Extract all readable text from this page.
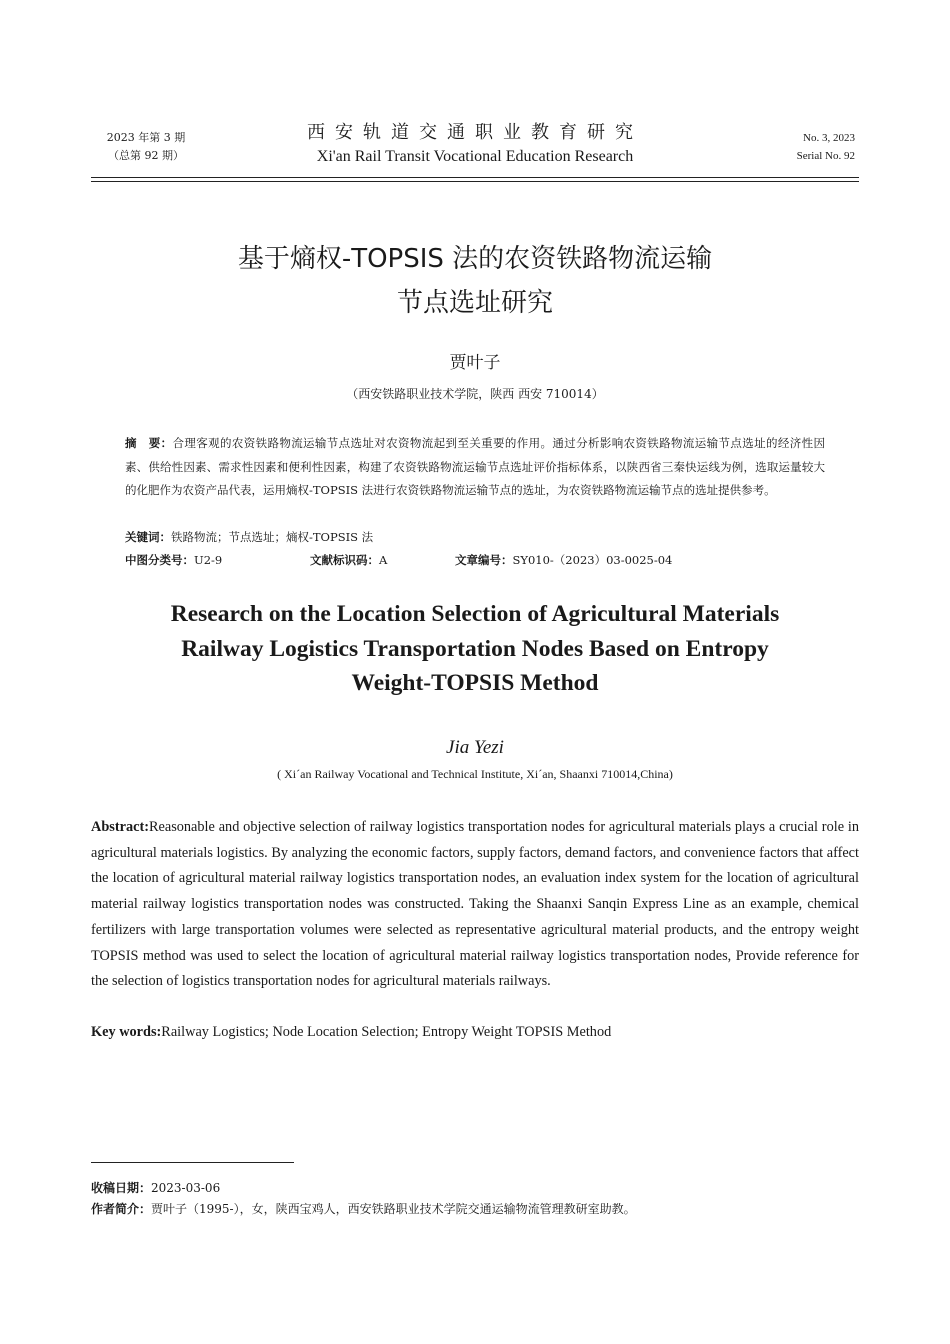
2023 年第 3 期
（总第 92 期）
西安轨道交通职业教育研究
Xi'an Rail Transit Vocational Education Research
No. 3, 2023
Serial No. 92
基于熵权-TOPSIS 法的农资铁路物流运输
节点选址研究
贾叶子
（西安铁路职业技术学院，陕西 西安 710014）
摘　要：合理客观的农资铁路物流运输节点选址对农资物流起到至关重要的作用。通过分析影响农资铁路物流运输节点选址的经济性因素、供给性因素、需求性因素和便利性因素，构建了农资铁路物流运输节点选址评价指标体系，以陕西省三秦快运线为例，选取运量较大的化肥作为农资产品代表，运用熵权-TOPSIS 法进行农资铁路物流运输节点的选址，为农资铁路物流运输节点的选址提供参考。
关键词：铁路物流；节点选址；熵权-TOPSIS 法
中图分类号：U2-9	文献标识码：A	文章编号：SY010-（2023）03-0025-04
Research on the Location Selection of Agricultural Materials
Railway Logistics Transportation Nodes Based on Entropy
Weight-TOPSIS Method
Jia Yezi
( Xi´an Railway Vocational and Technical Institute, Xi´an, Shaanxi 710014,China)
Abstract:Reasonable and objective selection of railway logistics transportation nodes for agricultural materials plays a crucial role in agricultural materials logistics. By analyzing the economic factors, supply factors, demand factors, and convenience factors that affect the location of agricultural material railway logistics transportation nodes, an evaluation index system for the location of agricultural material railway logistics transportation nodes was constructed. Taking the Shaanxi Sanqin Express Line as an example, chemical fertilizers with large transportation volumes were selected as representative agricultural material products, and the entropy weight TOPSIS method was used to select the location of agricultural material railway logistics transportation nodes, Provide reference for the selection of logistics transportation nodes for agricultural materials railways.
Key words:Railway Logistics; Node Location Selection; Entropy Weight TOPSIS Method
收稿日期：2023-03-06
作者简介：贾叶子（1995-），女，陕西宝鸡人，西安铁路职业技术学院交通运输物流管理教研室助教。
